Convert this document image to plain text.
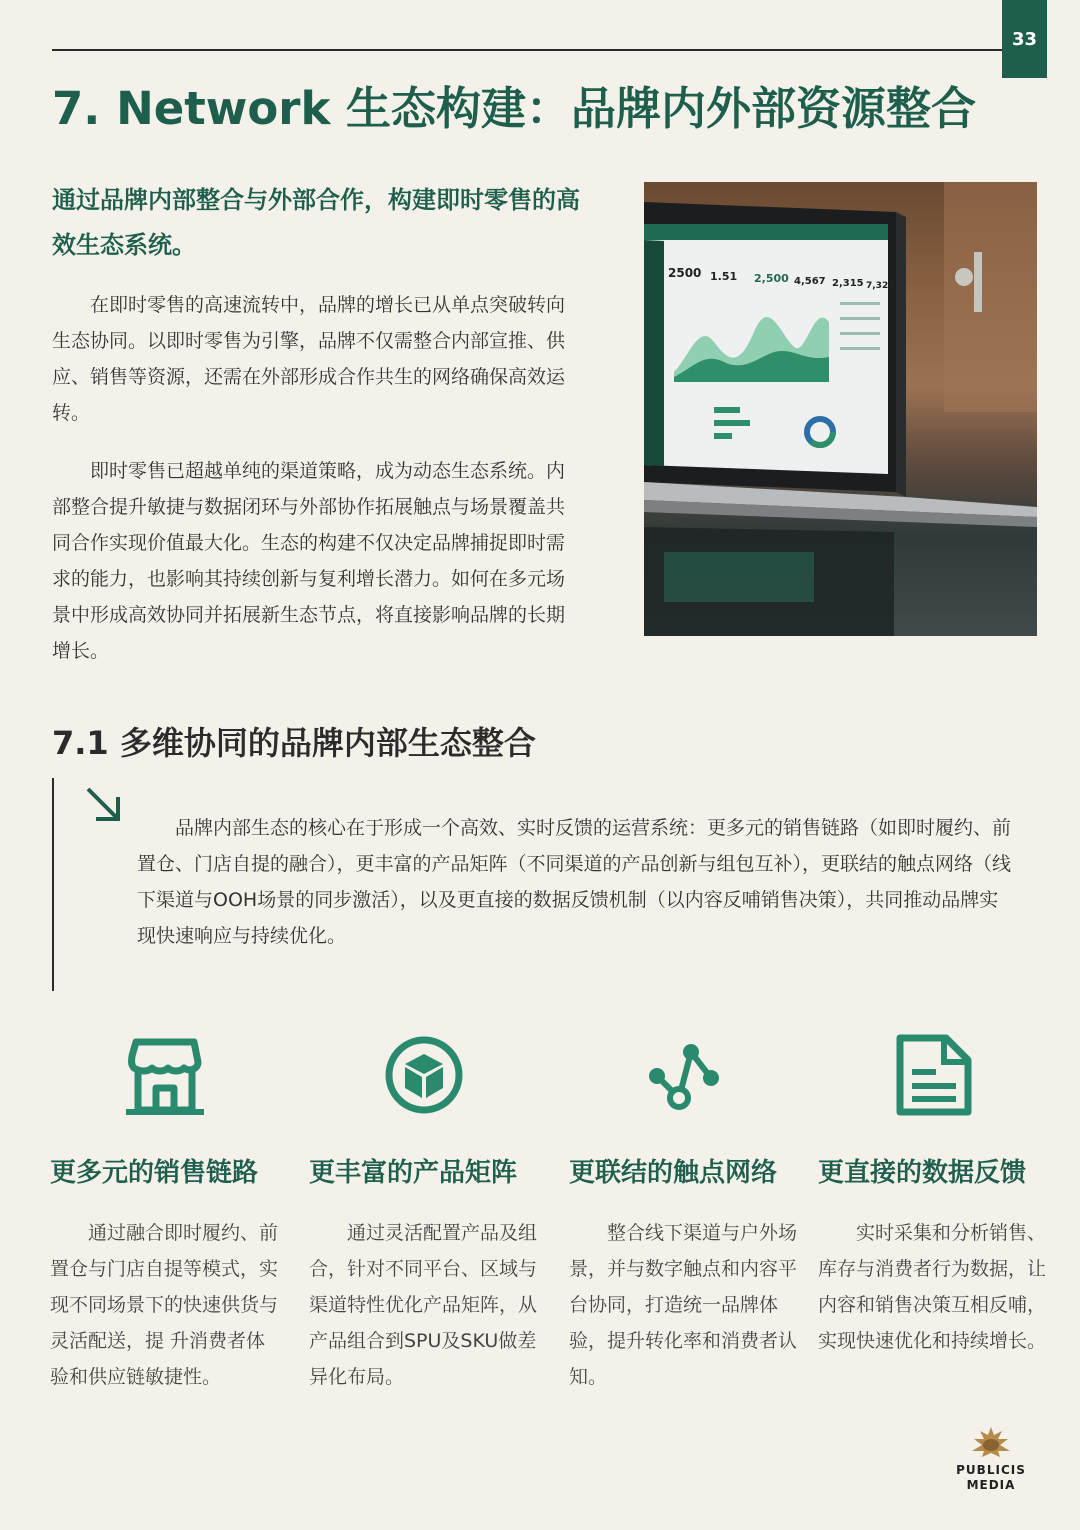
33
7. Network 生态构建：品牌内外部资源整合
通过品牌内部整合与外部合作，构建即时零售的高效生态系统。

在即时零售的高速流转中，品牌的增长已从单点突破转向生态协同。以即时零售为引擎，品牌不仅需整合内部宣推、供应、销售等资源，还需在外部形成合作共生的网络确保高效运转。

即时零售已超越单纯的渠道策略，成为动态生态系统。内部整合提升敏捷与数据闭环与外部协作拓展触点与场景覆盖共同合作实现价值最大化。生态的构建不仅决定品牌捕捉即时需求的能力，也影响其持续创新与复利增长潜力。如何在多元场景中形成高效协同并拓展新生态节点，将直接影响品牌的长期增长。

2500 1.51 2,500 4,567 2,315 7,325
7.1 多维协同的品牌内部生态整合

品牌内部生态的核心在于形成一个高效、实时反馈的运营系统：更多元的销售链路（如即时履约、前置仓、门店自提的融合），更丰富的产品矩阵（不同渠道的产品创新与组包互补），更联结的触点网络（线下渠道与OOH场景的同步激活），以及更直接的数据反馈机制（以内容反哺销售决策），共同推动品牌实现快速响应与持续优化。

更多元的销售链路

通过融合即时履约、前置仓与门店自提等模式，实现不同场景下的快速供货与灵活配送，提 升消费者体验和供应链敏捷性。

更丰富的产品矩阵

通过灵活配置产品及组合，针对不同平台、区域与渠道特性优化产品矩阵，从产品组合到SPU及SKU做差异化布局。

更联结的触点网络

整合线下渠道与户外场景，并与数字触点和内容平台协同，打造统一品牌体验，提升转化率和消费者认知。

更直接的数据反馈

实时采集和分析销售、库存与消费者行为数据，让内容和销售决策互相反哺，实现快速优化和持续增长。

PUBLICIS
MEDIA
